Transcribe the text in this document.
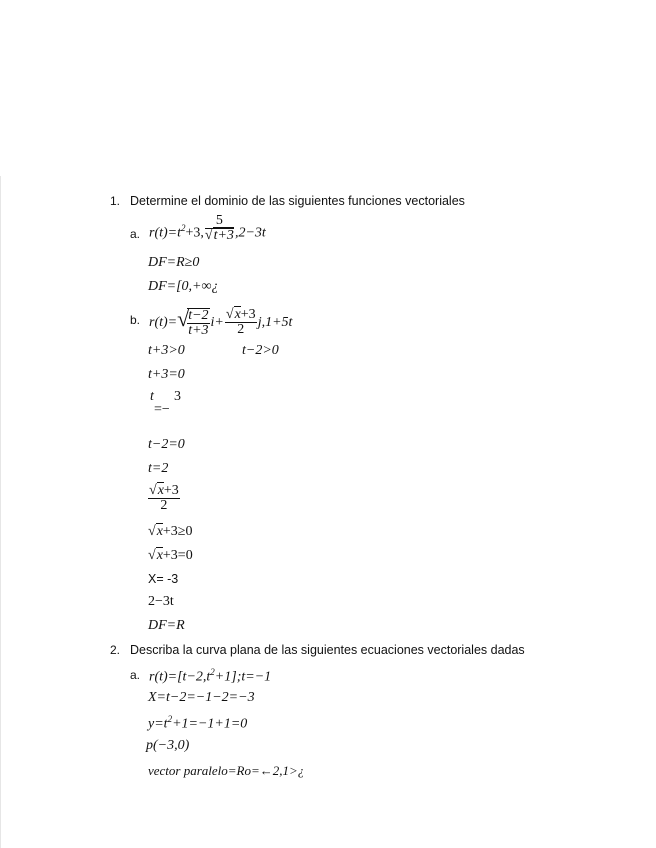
1. Determine el dominio de las siguientes funciones vectoriales
a. $r(t)=t^2+3$, $\frac{5}{√t+3} ,2-3t$
DF=R≥0
DF=[0,+∞¿
b. r(t)=√
$\frac{t-2}{t+3} i+ \frac{√x+3}{2} j,1+5t$
t+3>0	t−2>0
t+3=0
t 3
=−
t−2=0
t=2
$\frac{√x+3}{2}$
√x+3≥0
√x+3=0
X= -3
2−3t
DF=R
2. Describa la curva plana de las siguientes ecuaciones vectoriales dadas
a. $r(t)=[t-2,t^2+1];t=-1$
X=t−2=−1−2=−3
$y=t^2+1=-1+1=0$
p(−3,0)
vector paralelo=Ro=←2,1>¿
